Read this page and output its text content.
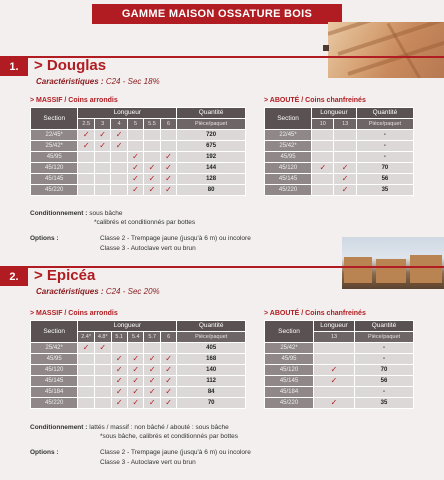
GAMME MAISON OSSATURE BOIS
1.	> Douglas
Caractéristiques : C24 - Sec 18%
> MASSIF / Coins arrondis
Section	Longueur						Quantité
	2.5	3	4	5	5.5	6	Pièce/paquet
22/45*	✓	✓	✓				720
25/42*	✓	✓	✓				675
45/95				✓		✓	192
45/120				✓	✓	✓	144
45/145				✓	✓	✓	128
45/220				✓	✓	✓	80
> ABOUTÉ / Coins chanfreinés
Section	Longueur		Quantité
	10	13	Pièce/paquet
22/45*			-
25/42*			-
45/95			-
45/120	✓	✓	70
45/145		✓	56
45/220		✓	35
Conditionnement : sous bâche
*calibrés et conditionnés par bottes
Options :	Classe 2 - Trempage jaune (jusqu'à 6 m) ou incolore
Classe 3 - Autoclave vert ou brun
2.	> Epicéa
Caractéristiques : C24 - Sec 20%
> MASSIF / Coins arrondis
Section	Longueur						Quantité
	2.4*	4.8*	5.1	5.4	5.7	6	Pièce/paquet
25/42*	✓	✓					405
45/95			✓	✓	✓	✓	168
45/120			✓	✓	✓	✓	140
45/145			✓	✓	✓	✓	112
45/184			✓	✓	✓	✓	84
45/220			✓	✓	✓	✓	70
> ABOUTÉ / Coins chanfreinés
Section	Longueur	Quantité
	13	Pièce/paquet
25/42*		-
45/95		-
45/120	✓	70
45/145	✓	56
45/184		-
45/220	✓	35
Conditionnement : lattés / massif : non bâché / abouté : sous bâche
*sous bâche, calibrés et conditionnés par bottes
Options :	Classe 2 - Trempage jaune (jusqu'à 6 m) ou incolore
Classe 3 - Autoclave vert ou brun
